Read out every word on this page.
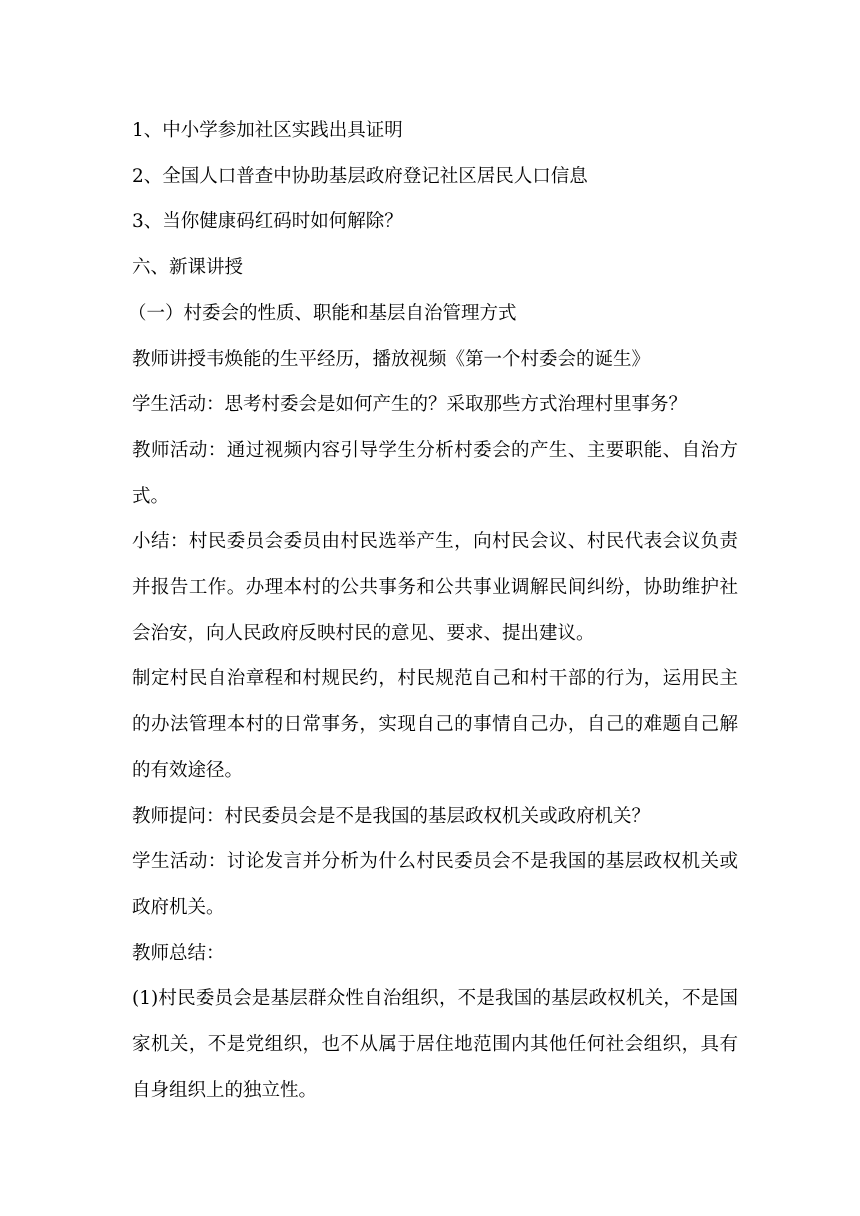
1、中小学参加社区实践出具证明

2、全国人口普查中协助基层政府登记社区居民人口信息

3、当你健康码红码时如何解除？

六、新课讲授

（一）村委会的性质、职能和基层自治管理方式

教师讲授韦焕能的生平经历，播放视频《第一个村委会的诞生》

学生活动：思考村委会是如何产生的？采取那些方式治理村里事务？

教师活动：通过视频内容引导学生分析村委会的产生、主要职能、自治方式。

小结：村民委员会委员由村民选举产生，向村民会议、村民代表会议负责并报告工作。办理本村的公共事务和公共事业调解民间纠纷，协助维护社会治安，向人民政府反映村民的意见、要求、提出建议。

制定村民自治章程和村规民约，村民规范自己和村干部的行为，运用民主的办法管理本村的日常事务，实现自己的事情自己办，自己的难题自己解的有效途径。

教师提问：村民委员会是不是我国的基层政权机关或政府机关？

学生活动：讨论发言并分析为什么村民委员会不是我国的基层政权机关或政府机关。

教师总结：

(1)村民委员会是基层群众性自治组织，不是我国的基层政权机关，不是国家机关，不是党组织，也不从属于居住地范围内其他任何社会组织，具有自身组织上的独立性。
